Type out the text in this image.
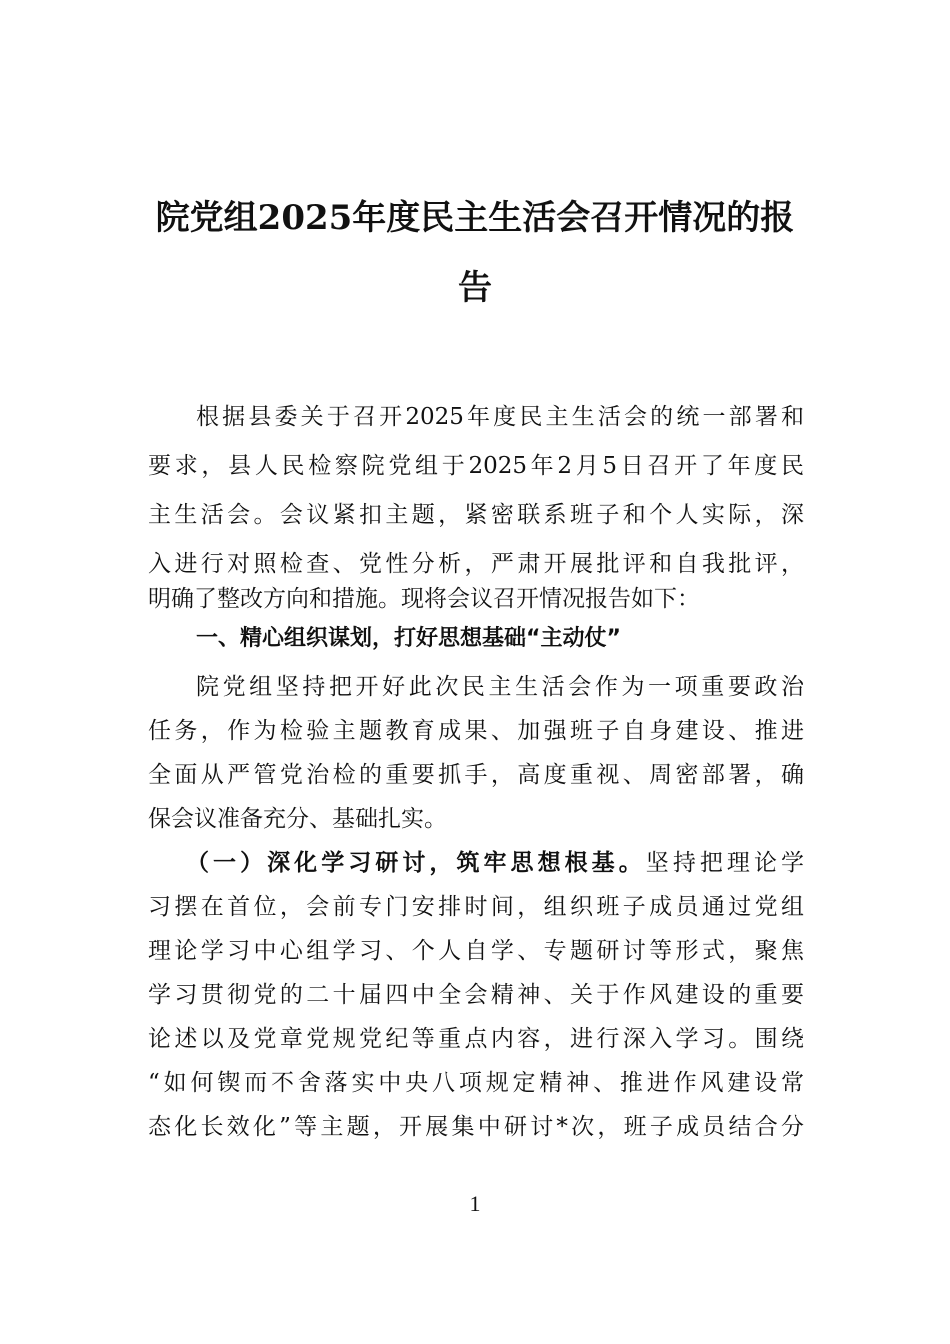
院党组2025年度民主生活会召开情况的报
告
根据县委关于召开2025年度民主生活会的统一部署和
要求，县人民检察院党组于2025年2月5日召开了年度民
主生活会。会议紧扣主题，紧密联系班子和个人实际，深
入进行对照检查、党性分析，严肃开展批评和自我批评，
明确了整改方向和措施。现将会议召开情况报告如下：
一、精心组织谋划，打好思想基础“主动仗”
院党组坚持把开好此次民主生活会作为一项重要政治
任务，作为检验主题教育成果、加强班子自身建设、推进
全面从严管党治检的重要抓手，高度重视、周密部署，确
保会议准备充分、基础扎实。
（一）深化学习研讨，筑牢思想根基。坚持把理论学
习摆在首位，会前专门安排时间，组织班子成员通过党组
理论学习中心组学习、个人自学、专题研讨等形式，聚焦
学习贯彻党的二十届四中全会精神、关于作风建设的重要
论述以及党章党规党纪等重点内容，进行深入学习。围绕
“如何锲而不舍落实中央八项规定精神、推进作风建设常
态化长效化”等主题，开展集中研讨*次，班子成员结合分
1
